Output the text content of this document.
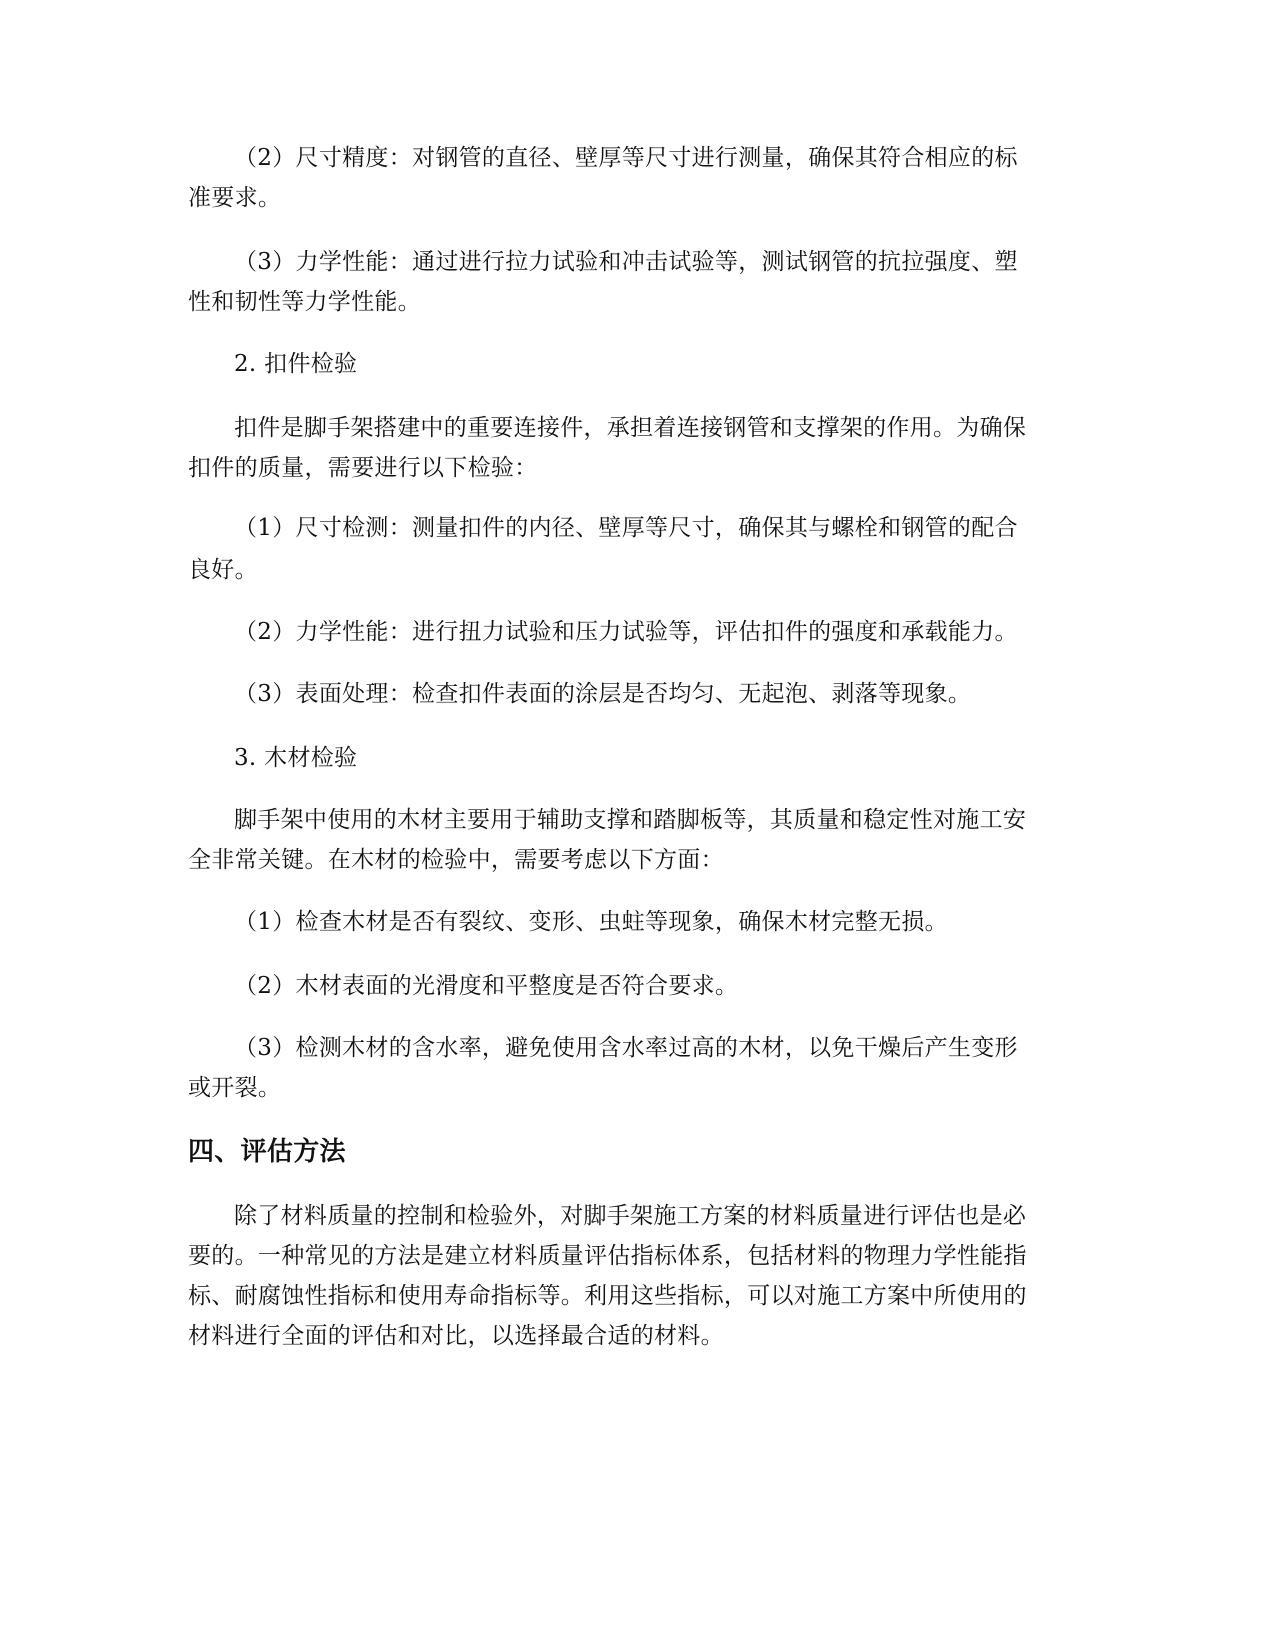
（2）尺寸精度：对钢管的直径、壁厚等尺寸进行测量，确保其符合相应的标

准要求。

（3）力学性能：通过进行拉力试验和冲击试验等，测试钢管的抗拉强度、塑

性和韧性等力学性能。

2. 扣件检验

扣件是脚手架搭建中的重要连接件，承担着连接钢管和支撑架的作用。为确保

扣件的质量，需要进行以下检验：

（1）尺寸检测：测量扣件的内径、壁厚等尺寸，确保其与螺栓和钢管的配合

良好。

（2）力学性能：进行扭力试验和压力试验等，评估扣件的强度和承载能力。

（3）表面处理：检查扣件表面的涂层是否均匀、无起泡、剥落等现象。

3. 木材检验

脚手架中使用的木材主要用于辅助支撑和踏脚板等，其质量和稳定性对施工安

全非常关键。在木材的检验中，需要考虑以下方面：

（1）检查木材是否有裂纹、变形、虫蛀等现象，确保木材完整无损。

（2）木材表面的光滑度和平整度是否符合要求。

（3）检测木材的含水率，避免使用含水率过高的木材，以免干燥后产生变形

或开裂。

四、评估方法

除了材料质量的控制和检验外，对脚手架施工方案的材料质量进行评估也是必

要的。一种常见的方法是建立材料质量评估指标体系，包括材料的物理力学性能指

标、耐腐蚀性指标和使用寿命指标等。利用这些指标，可以对施工方案中所使用的

材料进行全面的评估和对比，以选择最合适的材料。
